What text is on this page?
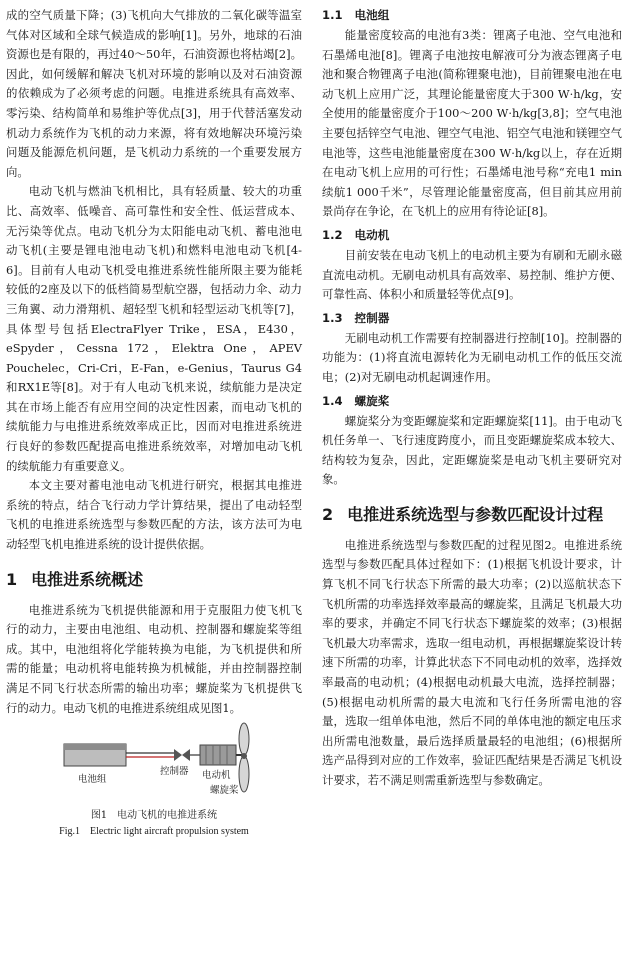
成的空气质量下降；(3)飞机向大气排放的二氧化碳等温室气体对区域和全球气候造成的影响[1]。另外，地球的石油资源也是有限的，再过40～50年，石油资源也将枯竭[2]。因此，如何缓解和解决飞机对环境的影响以及对石油资源的依赖成为了必须考虑的问题。电推进系统具有高效率、零污染、结构简单和易维护等优点[3]，用于代替活塞发动机动力系统作为飞机的动力来源，将有效地解决环境污染问题及能源危机问题，是飞机动力系统的一个重要发展方向。

电动飞机与燃油飞机相比，具有轻质量、较大的功重比、高效率、低噪音、高可靠性和安全性、低运营成本、无污染等优点。电动飞机分为太阳能电动飞机、蓄电池电动飞机(主要是锂电池电动飞机)和燃料电池电动飞机[4-6]。目前有人电动飞机受电推进系统性能所限主要为能耗较低的2座及以下的低档简易型航空器，包括动力伞、动力三角翼、动力滑翔机、超轻型飞机和轻型运动飞机等[7]，具体型号包括ElectraFlyer Trike，ESA，E430，eSpyder，Cessna 172，Elektra One，APEV Pouchelec，Cri-Cri，E-Fan，e-Genius，Taurus G4和RX1E等[8]。对于有人电动飞机来说，续航能力是决定其在市场上能否有应用空间的决定性因素，而电动飞机的续航能力与电推进系统效率成正比，因而对电推进系统进行良好的参数匹配提高电推进系统效率，对增加电动飞机的续航能力有重要意义。

本文主要对蓄电池电动飞机进行研究，根据其电推进系统的特点，结合飞行动力学计算结果，提出了电动轻型飞机的电推进系统选型与参数匹配的方法，该方法可为电动轻型飞机电推进系统的设计提供依据。

1 电推进系统概述

电推进系统为飞机提供能源和用于克服阻力使飞机飞行的动力，主要由电池组、电动机、控制器和螺旋桨等组成。其中，电池组将化学能转换为电能，为飞机提供和所需的能量；电动机将电能转换为机械能，并由控制器控制满足不同飞行状态所需的输出功率；螺旋桨为飞机提供飞行的动力。电动飞机的电推进系统组成见图1。

电池组
控制器 电动机
螺旋桨
图1　电动飞机的电推进系统
Fig.1　Electric light aircraft propulsion system
1.1 电池组

能量密度较高的电池有3类：锂离子电池、空气电池和石墨烯电池[8]。锂离子电池按电解液可分为液态锂离子电池和聚合物锂离子电池(简称锂聚电池)，目前锂聚电池在电动飞机上应用广泛，其理论能量密度大于300 W·h/kg，安全使用的能量密度介于100～200 W·h/kg[3,8]；空气电池主要包括锌空气电池、锂空气电池、铝空气电池和镁锂空气电池等，这些电池能量密度在300 W·h/kg以上，存在近期在电动飞机上应用的可行性；石墨烯电池号称“充电1 min续航1 000千米”，尽管理论能量密度高，但目前其应用前景尚存在争论，在飞机上的应用有待论证[8]。

1.2 电动机

目前安装在电动飞机上的电动机主要为有刷和无刷永磁直流电动机。无刷电动机具有高效率、易控制、维护方便、可靠性高、体积小和质量轻等优点[9]。

1.3 控制器

无刷电动机工作需要有控制器进行控制[10]。控制器的功能为：(1)将直流电源转化为无刷电动机工作的低压交流电；(2)对无刷电动机起调速作用。

1.4 螺旋桨

螺旋桨分为变距螺旋桨和定距螺旋桨[11]。由于电动飞机任务单一、飞行速度跨度小，而且变距螺旋桨成本较大、结构较为复杂，因此，定距螺旋桨是电动飞机主要研究对象。

2 电推进系统选型与参数匹配设计过程

电推进系统选型与参数匹配的过程见图2。电推进系统选型与参数匹配具体过程如下：(1)根据飞机设计要求，计算飞机不同飞行状态下所需的最大功率；(2)以巡航状态下飞机所需的功率选择效率最高的螺旋桨，且满足飞机最大功率的要求，并确定不同飞行状态下螺旋桨的效率；(3)根据飞机最大功率需求，选取一组电动机，再根据螺旋桨设计转速下所需的功率，计算此状态下不同电动机的效率，选择效率最高的电动机；(4)根据电动机最大电流，选择控制器；(5)根据电动机所需的最大电流和飞行任务所需电池的容量，选取一组单体电池，然后不同的单体电池的额定电压求出所需电池数量，最后选择质量最轻的电池组；(6)根据所选产品得到对应的工作效率，验证匹配结果是否满足飞机设计要求，若不满足则需重新选型与参数确定。
